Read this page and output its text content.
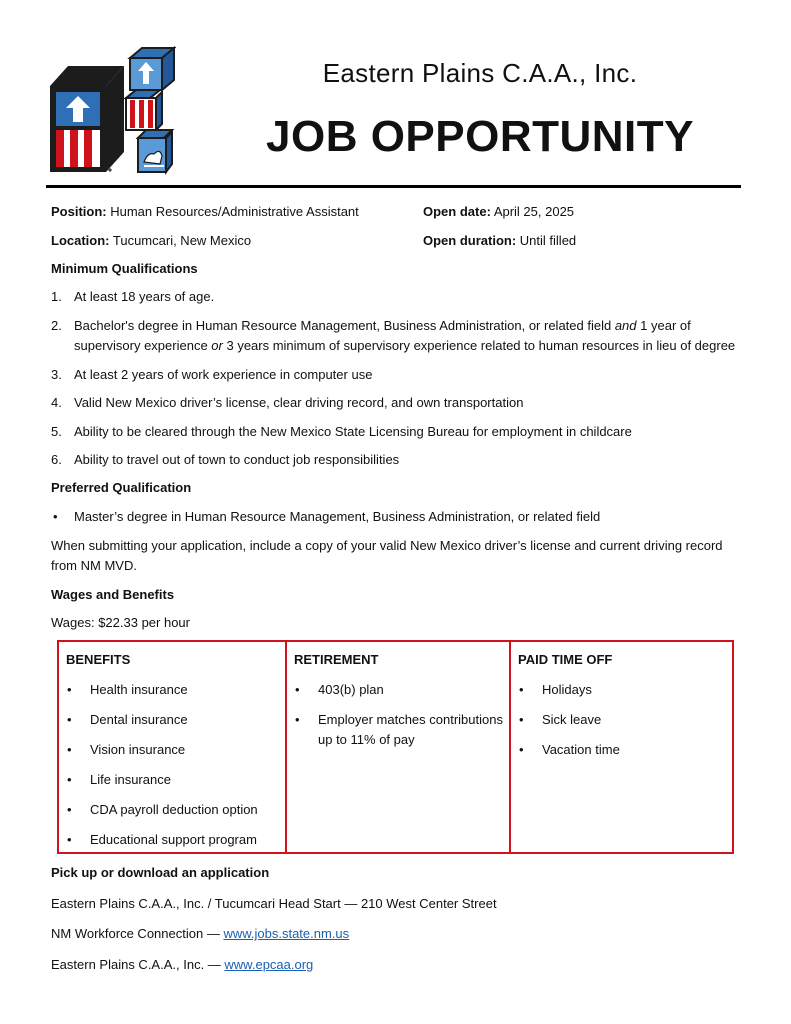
Eastern Plains C.A.A., Inc.
JOB OPPORTUNITY
Position: Human Resources/Administrative Assistant	Open date: April 25, 2025
Location: Tucumcari, New Mexico	Open duration: Until filled
Minimum Qualifications
1. At least 18 years of age.
2. Bachelor's degree in Human Resource Management, Business Administration, or related field and 1 year of supervisory experience or 3 years minimum of supervisory experience related to human resources in lieu of degree
3. At least 2 years of work experience in computer use
4. Valid New Mexico driver’s license, clear driving record, and own transportation
5. Ability to be cleared through the New Mexico State Licensing Bureau for employment in childcare
6. Ability to travel out of town to conduct job responsibilities
Preferred Qualification
• Master’s degree in Human Resource Management, Business Administration, or related field
When submitting your application, include a copy of your valid New Mexico driver’s license and current driving record from NM MVD.
Wages and Benefits
Wages: $22.33 per hour
BENEFITS
• Health insurance
• Dental insurance
• Vision insurance
• Life insurance
• CDA payroll deduction option
• Educational support program
RETIREMENT
• 403(b) plan
• Employer matches contributions up to 11% of pay
PAID TIME OFF
• Holidays
• Sick leave
• Vacation time
Pick up or download an application
Eastern Plains C.A.A., Inc. / Tucumcari Head Start — 210 West Center Street
NM Workforce Connection — www.jobs.state.nm.us
Eastern Plains C.A.A., Inc. — www.epcaa.org
